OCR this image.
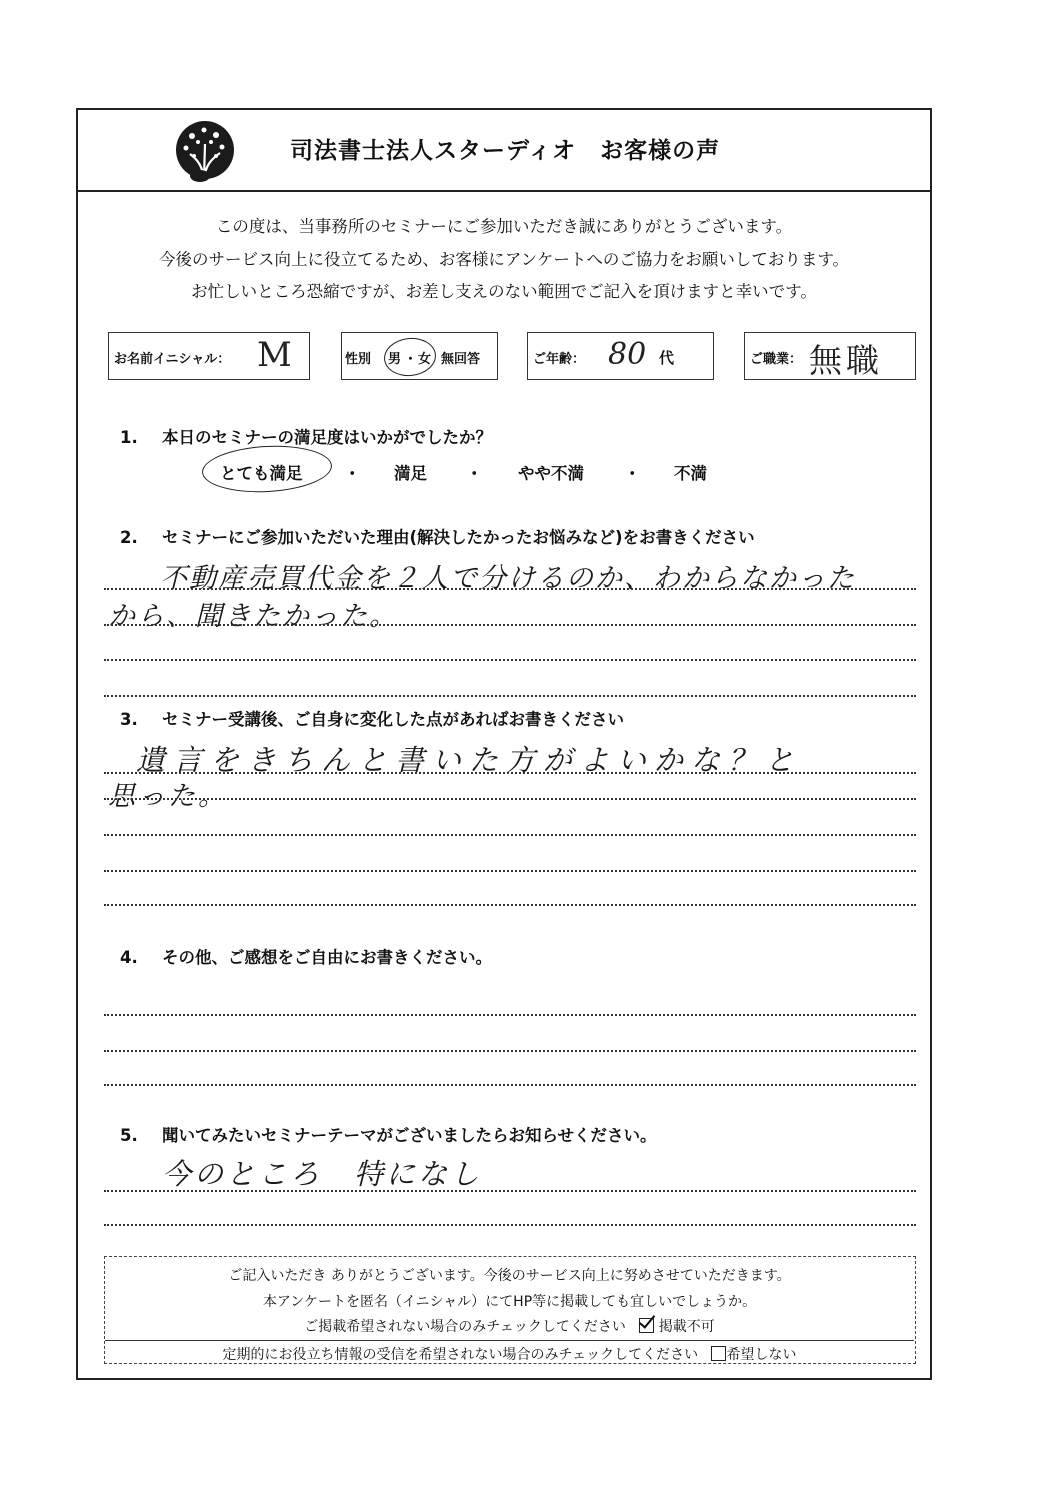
司法書士法人スターディオ　お客様の声
この度は、当事務所のセミナーにご参加いただき誠にありがとうございます。
今後のサービス向上に役立てるため、お客様にアンケートへのご協力をお願いしております。
お忙しいところ恐縮ですが、お差し支えのない範囲でご記入を頂けますと幸いです。
お名前イニシャル： M	性別 男 ・ 女 無回答	ご年齢： 80 代	ご職業： 無職
1. 本日のセミナーの満足度はいかがでしたか？
とても満足	・ 満足 ・ やや不満 ・ 不満
2. セミナーにご参加いただいた理由(解決したかったお悩みなど)をお書きください
不動産売買代金を２人で分けるのか、わからなかった
から、聞きたかった。
3. セミナー受講後、ご自身に変化した点があればお書きください
遺言をきちんと書いた方がよいかな？と
思った。
4. その他、ご感想をご自由にお書きください。
5. 聞いてみたいセミナーテーマがございましたらお知らせください。
今のところ　特になし
ご記入いただき ありがとうございます。今後のサービス向上に努めさせていただきます。
本アンケートを匿名（イニシャル）にてHP等に掲載しても宜しいでしょうか。
ご掲載希望されない場合のみチェックしてください 掲載不可
定期的にお役立ち情報の受信を希望されない場合のみチェックしてください 希望しない
